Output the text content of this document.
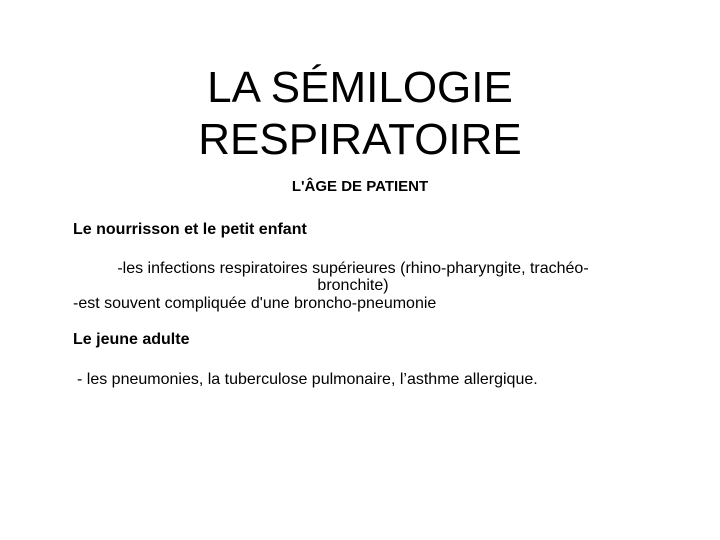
LA SÉMILOGIE
RESPIRATOIRE

L'ÂGE DE PATIENT

Le nourrisson et le petit enfant

-les infections respiratoires supérieures (rhino-pharyngite, trachéo-
bronchite)

-est souvent compliquée d'une broncho-pneumonie

Le jeune adulte

- les pneumonies, la tuberculose pulmonaire, l’asthme allergique.
